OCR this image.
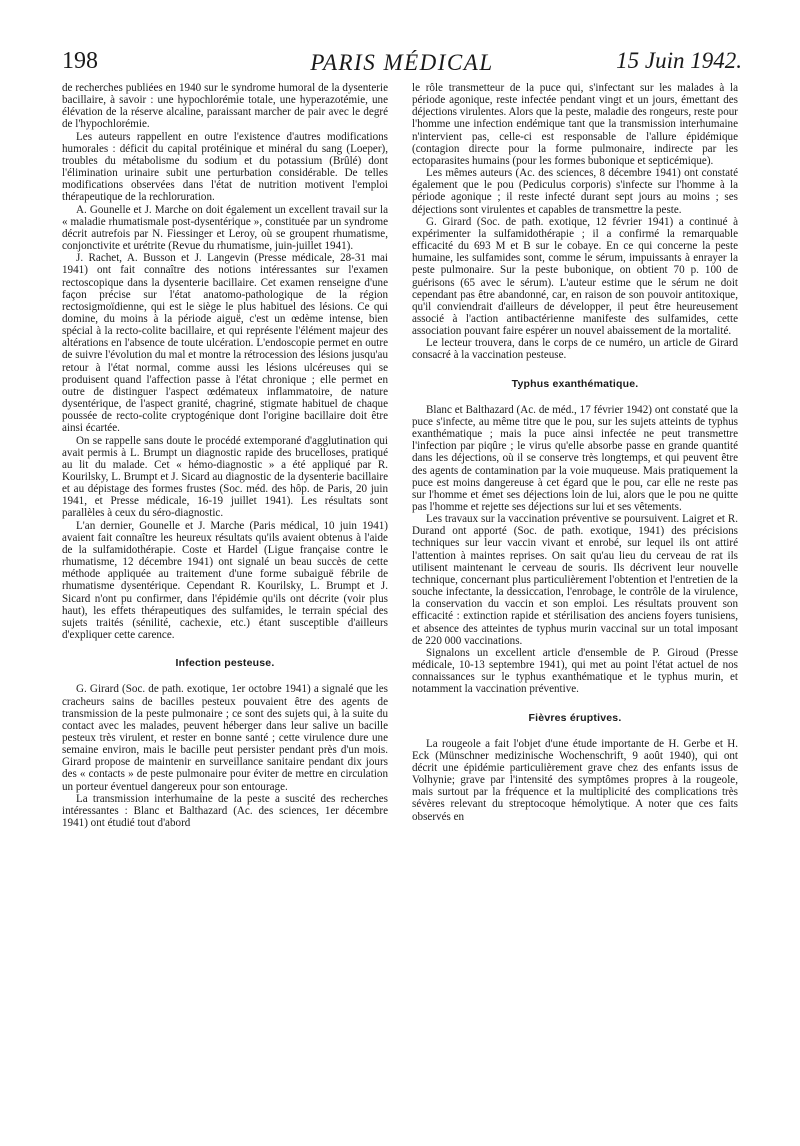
198	PARIS MÉDICAL	15 Juin 1942.

de recherches publiées en 1940 sur le syndrome humoral de la dysenterie bacillaire, à savoir : une hypochlorémie totale, une hyperazotémie, une élévation de la réserve alcaline, paraissant marcher de pair avec le degré de l'hypochlorémie.

Les auteurs rappellent en outre l'existence d'autres modifications humorales : déficit du capital protéinique et minéral du sang (Loeper), troubles du métabolisme du sodium et du potassium (Brûlé) dont l'élimination urinaire subit une perturbation considérable. De telles modifications observées dans l'état de nutrition motivent l'emploi thérapeutique de la rechloruration.

A. Gounelle et J. Marche on doit également un excellent travail sur la « maladie rhumatismale post-dysentérique », constituée par un syndrome décrit autrefois par N. Fiessinger et Leroy, où se groupent rhumatisme, conjonctivite et urétrite (Revue du rhumatisme, juin-juillet 1941).

J. Rachet, A. Busson et J. Langevin (Presse médicale, 28-31 mai 1941) ont fait connaître des notions intéressantes sur l'examen rectoscopique dans la dysenterie bacillaire. Cet examen renseigne d'une façon précise sur l'état anatomo-pathologique de la région rectosigmoïdienne, qui est le siège le plus habituel des lésions. Ce qui domine, du moins à la période aiguë, c'est un œdème intense, bien spécial à la recto-colite bacillaire, et qui représente l'élément majeur des altérations en l'absence de toute ulcération. L'endoscopie permet en outre de suivre l'évolution du mal et montre la rétrocession des lésions jusqu'au retour à l'état normal, comme aussi les lésions ulcéreuses qui se produisent quand l'affection passe à l'état chronique ; elle permet en outre de distinguer l'aspect œdémateux inflammatoire, de nature dysentérique, de l'aspect granité, chagriné, stigmate habituel de chaque poussée de recto-colite cryptogénique dont l'origine bacillaire doit être ainsi écartée.

On se rappelle sans doute le procédé extemporané d'agglutination qui avait permis à L. Brumpt un diagnostic rapide des brucelloses, pratiqué au lit du malade. Cet « hémo-diagnostic » a été appliqué par R. Kourilsky, L. Brumpt et J. Sicard au diagnostic de la dysenterie bacillaire et au dépistage des formes frustes (Soc. méd. des hôp. de Paris, 20 juin 1941, et Presse médicale, 16-19 juillet 1941). Les résultats sont parallèles à ceux du séro-diagnostic.

L'an dernier, Gounelle et J. Marche (Paris médical, 10 juin 1941) avaient fait connaître les heureux résultats qu'ils avaient obtenus à l'aide de la sulfamidothérapie. Coste et Hardel (Ligue française contre le rhumatisme, 12 décembre 1941) ont signalé un beau succès de cette méthode appliquée au traitement d'une forme subaiguë fébrile de rhumatisme dysentérique. Cependant R. Kourilsky, L. Brumpt et J. Sicard n'ont pu confirmer, dans l'épidémie qu'ils ont décrite (voir plus haut), les effets thérapeutiques des sulfamides, le terrain spécial des sujets traités (sénilité, cachexie, etc.) étant susceptible d'ailleurs d'expliquer cette carence.

Infection pesteuse.

G. Girard (Soc. de path. exotique, 1er octobre 1941) a signalé que les cracheurs sains de bacilles pesteux pouvaient être des agents de transmission de la peste pulmonaire ; ce sont des sujets qui, à la suite du contact avec les malades, peuvent héberger dans leur salive un bacille pesteux très virulent, et rester en bonne santé ; cette virulence dure une semaine environ, mais le bacille peut persister pendant près d'un mois. Girard propose de maintenir en surveillance sanitaire pendant dix jours des « contacts » de peste pulmonaire pour éviter de mettre en circulation un porteur éventuel dangereux pour son entourage.

La transmission interhumaine de la peste a suscité des recherches intéressantes : Blanc et Balthazard (Ac. des sciences, 1er décembre 1941) ont étudié tout d'abord

le rôle transmetteur de la puce qui, s'infectant sur les malades à la période agonique, reste infectée pendant vingt et un jours, émettant des déjections virulentes. Alors que la peste, maladie des rongeurs, reste pour l'homme une infection endémique tant que la transmission interhumaine n'intervient pas, celle-ci est responsable de l'allure épidémique (contagion directe pour la forme pulmonaire, indirecte par les ectoparasites humains (pour les formes bubonique et septicémique).

Les mêmes auteurs (Ac. des sciences, 8 décembre 1941) ont constaté également que le pou (Pediculus corporis) s'infecte sur l'homme à la période agonique ; il reste infecté durant sept jours au moins ; ses déjections sont virulentes et capables de transmettre la peste.

G. Girard (Soc. de path. exotique, 12 février 1941) a continué à expérimenter la sulfamidothérapie ; il a confirmé la remarquable efficacité du 693 M et B sur le cobaye. En ce qui concerne la peste humaine, les sulfamides sont, comme le sérum, impuissants à enrayer la peste pulmonaire. Sur la peste bubonique, on obtient 70 p. 100 de guérisons (65 avec le sérum). L'auteur estime que le sérum ne doit cependant pas être abandonné, car, en raison de son pouvoir antitoxique, qu'il conviendrait d'ailleurs de développer, il peut être heureusement associé à l'action antibactérienne manifeste des sulfamides, cette association pouvant faire espérer un nouvel abaissement de la mortalité.

Le lecteur trouvera, dans le corps de ce numéro, un article de Girard consacré à la vaccination pesteuse.

Typhus exanthématique.

Blanc et Balthazard (Ac. de méd., 17 février 1942) ont constaté que la puce s'infecte, au même titre que le pou, sur les sujets atteints de typhus exanthématique ; mais la puce ainsi infectée ne peut transmettre l'infection par piqûre ; le virus qu'elle absorbe passe en grande quantité dans les déjections, où il se conserve très longtemps, et qui peuvent être des agents de contamination par la voie muqueuse. Mais pratiquement la puce est moins dangereuse à cet égard que le pou, car elle ne reste pas sur l'homme et émet ses déjections loin de lui, alors que le pou ne quitte pas l'homme et rejette ses déjections sur lui et ses vêtements.

Les travaux sur la vaccination préventive se poursuivent. Laigret et R. Durand ont apporté (Soc. de path. exotique, 1941) des précisions techniques sur leur vaccin vivant et enrobé, sur lequel ils ont attiré l'attention à maintes reprises. On sait qu'au lieu du cerveau de rat ils utilisent maintenant le cerveau de souris. Ils décrivent leur nouvelle technique, concernant plus particulièrement l'obtention et l'entretien de la souche infectante, la dessiccation, l'enrobage, le contrôle de la virulence, la conservation du vaccin et son emploi. Les résultats prouvent son efficacité : extinction rapide et stérilisation des anciens foyers tunisiens, et absence des atteintes de typhus murin vaccinal sur un total imposant de 220 000 vaccinations.

Signalons un excellent article d'ensemble de P. Giroud (Presse médicale, 10-13 septembre 1941), qui met au point l'état actuel de nos connaissances sur le typhus exanthématique et le typhus murin, et notamment la vaccination préventive.

Fièvres éruptives.

La rougeole a fait l'objet d'une étude importante de H. Gerbe et H. Eck (Münschner medizinische Wochenschrift, 9 août 1940), qui ont décrit une épidémie particulièrement grave chez des enfants issus de Volhynie; grave par l'intensité des symptômes propres à la rougeole, mais surtout par la fréquence et la multiplicité des complications très sévères relevant du streptocoque hémolytique. A noter que ces faits observés en
